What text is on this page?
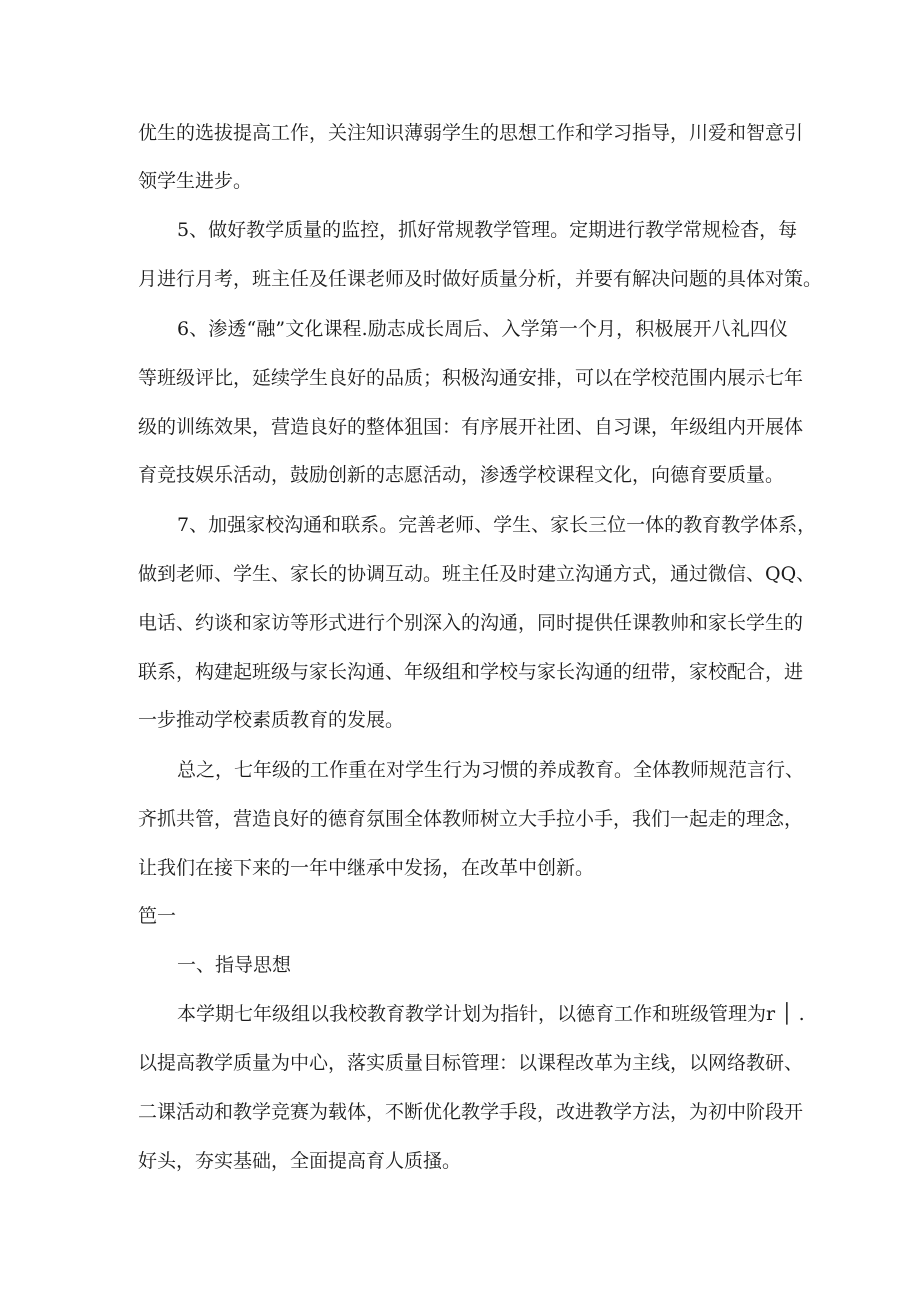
优生的选拔提高工作，关注知识薄弱学生的思想工作和学习指导，川爱和智意引
领学生进步。
5、做好教学质量的监控，抓好常规教学管理。定期进行教学常规检杳，每
月进行月考，班主任及任课老师及时做好质量分析，并要有解决问题的具体对策。
6、渗透“融”文化课程.励志成长周后、入学第一个月，积极展开八礼四仪
等班级评比，延续学生良好的品质；积极沟通安排，可以在学校范围内展示七年
级的训练效果，营造良好的整体狙国：有序展开社团、自习课，年级组内开展体
育竞技娱乐活动，鼓励创新的志愿活动，渗透学校课程文化，向德育要质量。
7、加强家校沟通和联系。完善老师、学生、家长三位一体的教育教学体系，
做到老师、学生、家长的协调互动。班主任及时建立沟通方式，通过微信、QQ、
电话、约谈和家访等形式进行个别深入的沟通，同时提供任课教帅和家长学生的
联系，构建起班级与家长沟通、年级组和学校与家长沟通的纽带，家校配合，进
一步推动学校素质教育的发展。
总之，七年级的工作重在对学生行为习惯的养成教育。全体教师规范言行、
齐抓共管，营造良好的德育氛围全体教师树立大手拉小手，我们一起走的理念，
让我们在接下来的一年中继承中发扬，在改革中创新。
笆一
一、指导思想
本学期七年级组以我校教育教学计划为指针，以德育工作和班级管理为r │ .
以提高教学质量为中心，落实质量目标管理：以课程改革为主线，以网络教研、
二课活动和教学竞赛为载体，不断优化教学手段，改进教学方法，为初中阶段开
好头，夯实基础，全面提高育人质搔。
